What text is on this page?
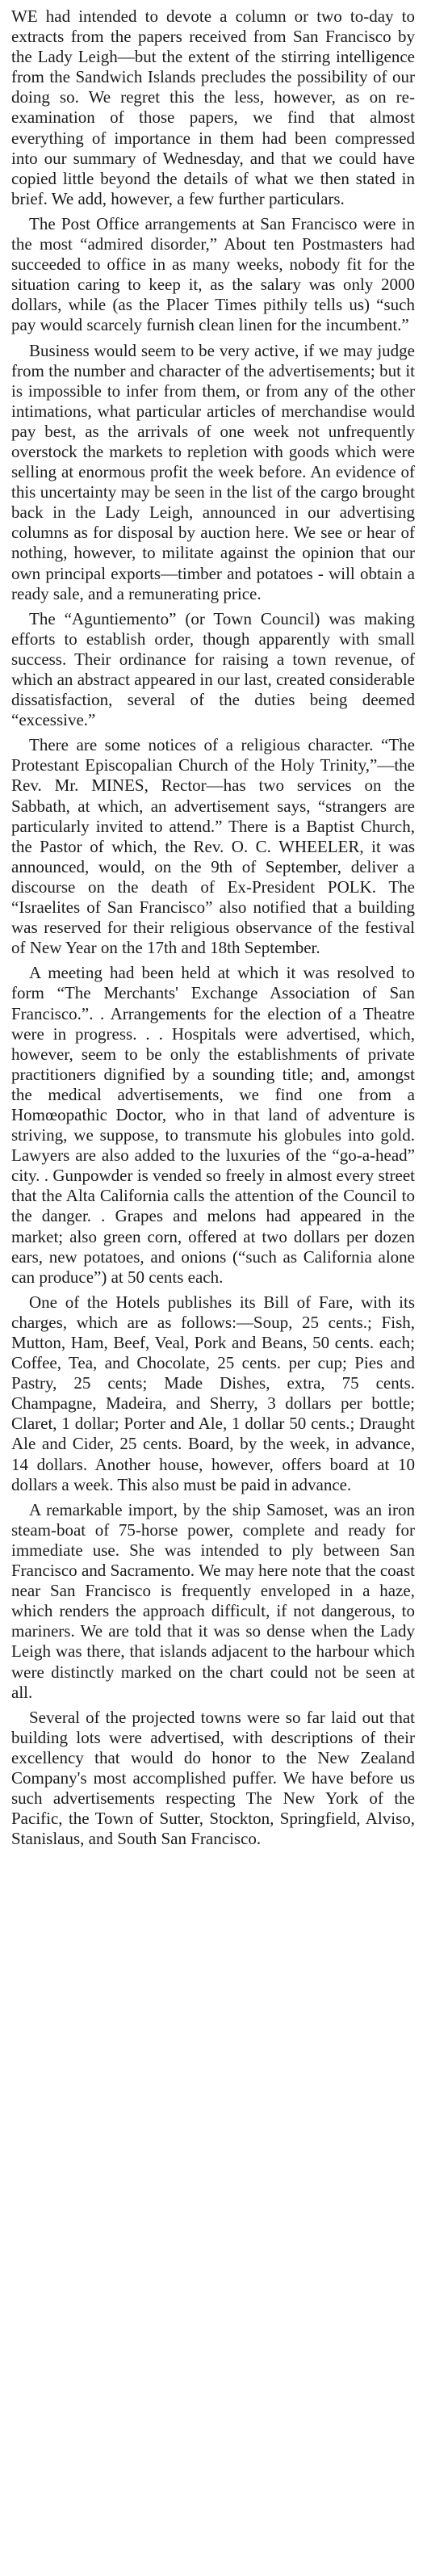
WE had intended to devote a column or two to-day to extracts from the papers received from San Francisco by the Lady Leigh—but the extent of the stirring intelligence from the Sandwich Islands precludes the possibility of our doing so. We regret this the less, however, as on re-examination of those papers, we find that almost everything of importance in them had been compressed into our summary of Wednesday, and that we could have copied little beyond the details of what we then stated in brief. We add, however, a few further particulars.

The Post Office arrangements at San Francisco were in the most “admired disorder,” About ten Postmasters had succeeded to office in as many weeks, nobody fit for the situation caring to keep it, as the salary was only 2000 dollars, while (as the Placer Times pithily tells us) “such pay would scarcely furnish clean linen for the incumbent.”

Business would seem to be very active, if we may judge from the number and character of the advertisements; but it is impossible to infer from them, or from any of the other intimations, what particular articles of merchandise would pay best, as the arrivals of one week not unfrequently overstock the markets to repletion with goods which were selling at enormous profit the week before. An evidence of this uncertainty may be seen in the list of the cargo brought back in the Lady Leigh, announced in our advertising columns as for disposal by auction here. We see or hear of nothing, however, to militate against the opinion that our own principal exports—timber and potatoes - will obtain a ready sale, and a remunerating price.

The “Aguntiemento” (or Town Council) was making efforts to establish order, though apparently with small success. Their ordinance for raising a town revenue, of which an abstract appeared in our last, created considerable dissatisfaction, several of the duties being deemed “excessive.”

There are some notices of a religious character. “The Protestant Episcopalian Church of the Holy Trinity,”—the Rev. Mr. MINES, Rector—has two services on the Sabbath, at which, an advertisement says, “strangers are particularly invited to attend.” There is a Baptist Church, the Pastor of which, the Rev. O. C. WHEELER, it was announced, would, on the 9th of September, deliver a discourse on the death of Ex-President POLK. The “Israelites of San Francisco” also notified that a building was reserved for their religious observance of the festival of New Year on the 17th and 18th September.

A meeting had been held at which it was resolved to form “The Merchants' Exchange Association of San Francisco.”. . Arrangements for the election of a Theatre were in progress. . . Hospitals were advertised, which, however, seem to be only the establishments of private practitioners dignified by a sounding title; and, amongst the medical advertisements, we find one from a Homœopathic Doctor, who in that land of adventure is striving, we suppose, to transmute his globules into gold. Lawyers are also added to the luxuries of the “go-a-head” city. . Gunpowder is vended so freely in almost every street that the Alta California calls the attention of the Council to the danger. . Grapes and melons had appeared in the market; also green corn, offered at two dollars per dozen ears, new potatoes, and onions (“such as California alone can produce”) at 50 cents each.

One of the Hotels publishes its Bill of Fare, with its charges, which are as follows:—Soup, 25 cents.; Fish, Mutton, Ham, Beef, Veal, Pork and Beans, 50 cents. each; Coffee, Tea, and Chocolate, 25 cents. per cup; Pies and Pastry, 25 cents; Made Dishes, extra, 75 cents. Champagne, Madeira, and Sherry, 3 dollars per bottle; Claret, 1 dollar; Porter and Ale, 1 dollar 50 cents.; Draught Ale and Cider, 25 cents. Board, by the week, in advance, 14 dollars. Another house, however, offers board at 10 dollars a week. This also must be paid in advance.

A remarkable import, by the ship Samoset, was an iron steam-boat of 75-horse power, complete and ready for immediate use. She was intended to ply between San Francisco and Sacramento. We may here note that the coast near San Francisco is frequently enveloped in a haze, which renders the approach difficult, if not dangerous, to mariners. We are told that it was so dense when the Lady Leigh was there, that islands adjacent to the harbour which were distinctly marked on the chart could not be seen at all.

Several of the projected towns were so far laid out that building lots were advertised, with descriptions of their excellency that would do honor to the New Zealand Company's most accomplished puffer. We have before us such advertisements respecting The New York of the Pacific, the Town of Sutter, Stockton, Springfield, Alviso, Stanislaus, and South San Francisco.
